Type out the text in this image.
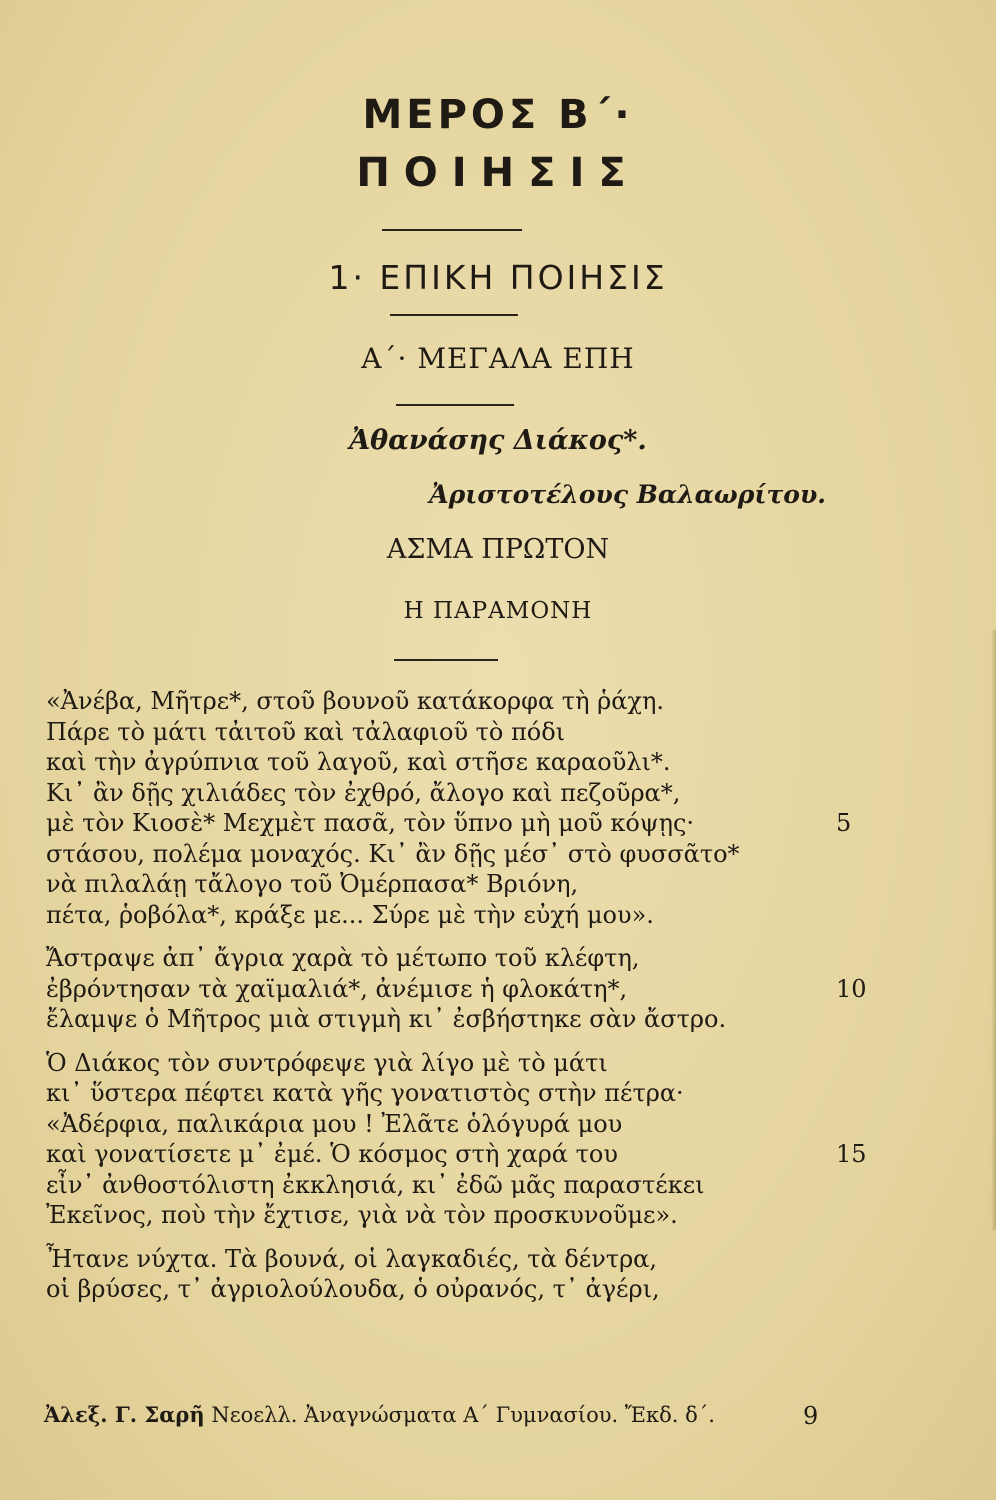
ΜΕΡΟΣ Β΄·
ΠΟΙΗΣΙΣ
1· ΕΠΙΚΗ ΠΟΙΗΣΙΣ
Α΄· ΜΕΓΑΛΑ ΕΠΗ
Ἀθανάσης Διάκος*.
Ἀριστοτέλους Βαλαωρίτου.
ΑΣΜΑ ΠΡΩΤΟΝ
Η ΠΑΡΑΜΟΝΗ
«Ἀνέβα, Μῆτρε*, στοῦ βουνοῦ κατάκορφα τὴ ῥάχη.
Πάρε τὸ μάτι τἀιτοῦ καὶ τἀλαφιοῦ τὸ πόδι
καὶ τὴν ἀγρύπνια τοῦ λαγοῦ, καὶ στῆσε καραοῦλι*.
Κι᾿ ἂν δῇς χιλιάδες τὸν ἐχθρό, ἄλογο καὶ πεζοῦρα*,
μὲ τὸν Κιοσὲ* Μεχμὲτ πασᾶ, τὸν ὕπνο μὴ μοῦ κόψῃς·	5
στάσου, πολέμα μοναχός. Κι᾿ ἂν δῇς μέσ᾿ στὸ φυσσᾶτο*
νὰ πιλαλάῃ τἄλογο τοῦ Ὀμέρπασα* Βριόνη,
πέτα, ῥοβόλα*, κράξε με... Σύρε μὲ τὴν εὐχή μου».
Ἄστραψε ἀπ᾿ ἄγρια χαρὰ τὸ μέτωπο τοῦ κλέφτη,
ἐβρόντησαν τὰ χαϊμαλιά*, ἀνέμισε ἡ φλοκάτη*,	10
ἔλαμψε ὁ Μῆτρος μιὰ στιγμὴ κι᾿ ἐσβήστηκε σὰν ἄστρο.
Ὁ Διάκος τὸν συντρόφεψε γιὰ λίγο μὲ τὸ μάτι
κι᾿ ὕστερα πέφτει κατὰ γῆς γονατιστὸς στὴν πέτρα·
«Ἀδέρφια, παλικάρια μου ! Ἐλᾶτε ὁλόγυρά μου
καὶ γονατίσετε μ᾿ ἐμέ. Ὁ κόσμος στὴ χαρά του	15
εἶν᾿ ἀνθοστόλιστη ἐκκλησιά, κι᾿ ἐδῶ μᾶς παραστέκει
Ἐκεῖνος, ποὺ τὴν ἔχτισε, γιὰ νὰ τὸν προσκυνοῦμε».
Ἦτανε νύχτα. Τὰ βουνά, οἱ λαγκαδιές, τὰ δέντρα,
οἱ βρύσες, τ᾿ ἀγριολούλουδα, ὁ οὐρανός, τ᾿ ἀγέρι,
Ἀλεξ. Γ. Σαρῆ Νεοελλ. Ἀναγνώσματα Α΄ Γυμνασίου. Ἔκδ. δ΄.	9
